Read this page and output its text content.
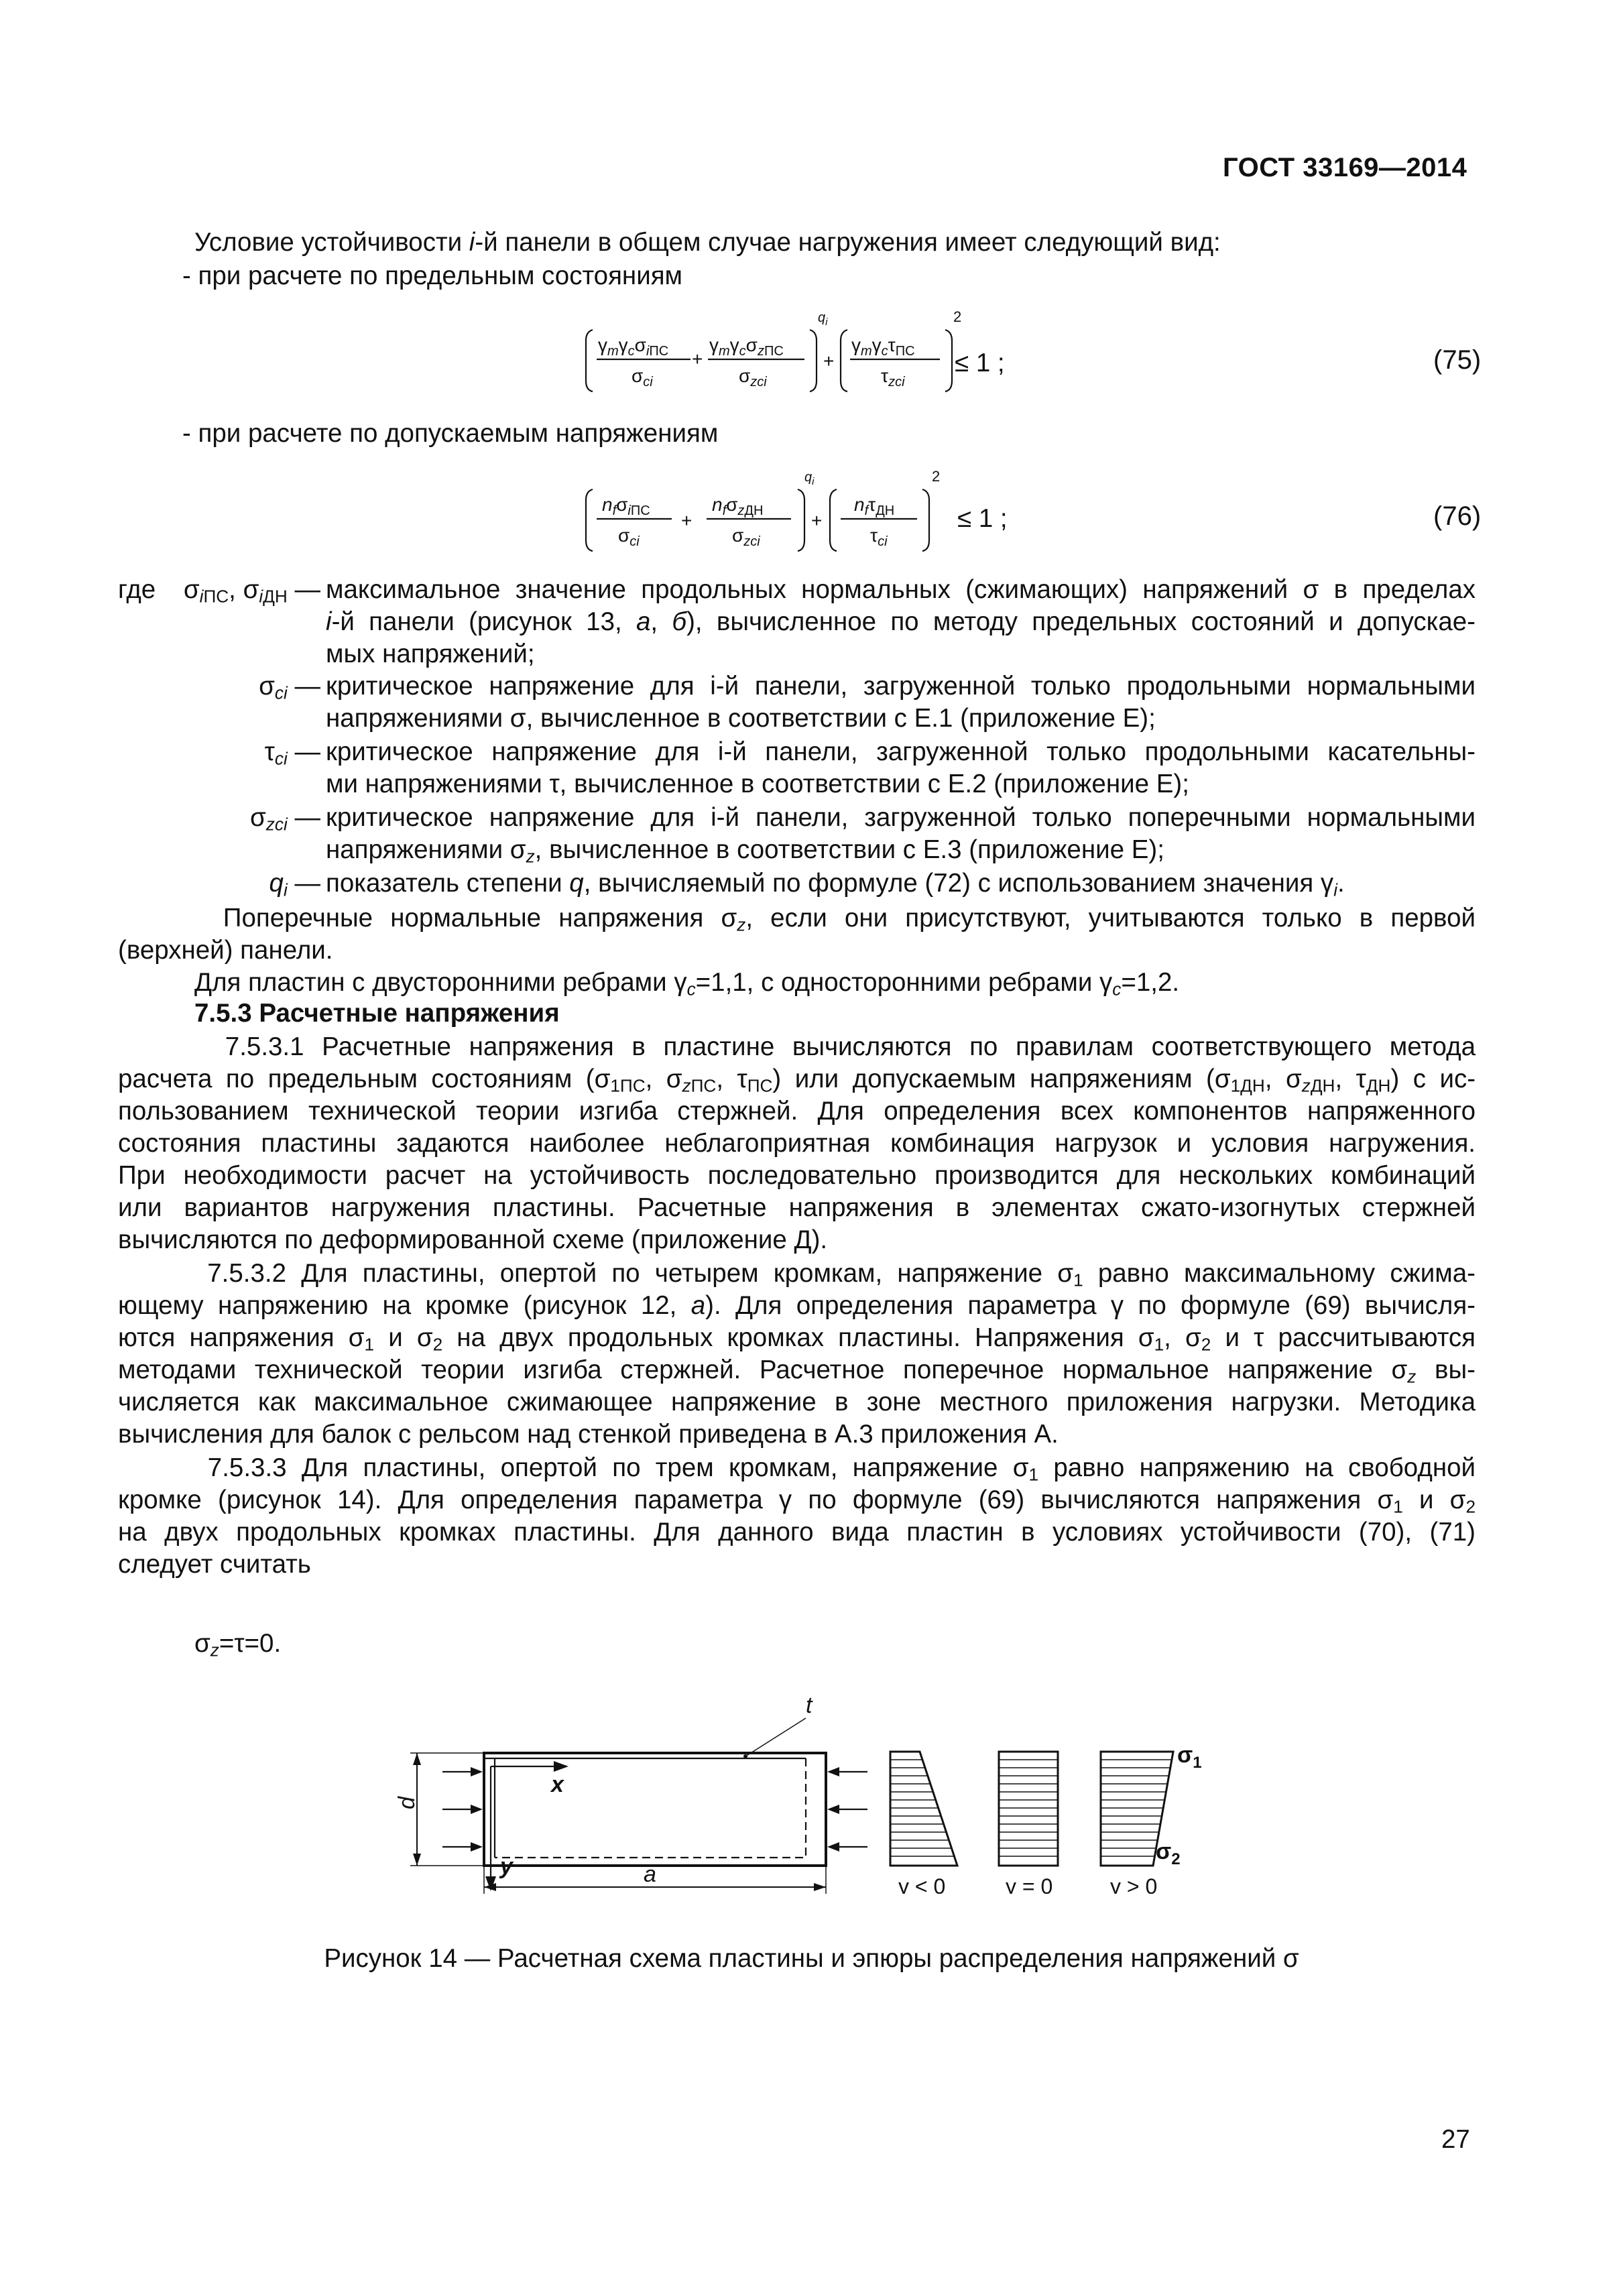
ГОСТ 33169—2014
Условие устойчивости i-й панели в общем случае нагружения имеет следующий вид:
- при расчете по предельным состояниям
$\gamma_m\gamma_c\sigma_{iПС}$
$\sigma_{ci}$
+
$\gamma_m\gamma_c\sigma_{zПС}$
$\sigma_{zci}$
$q_i$
+
$\gamma_m\gamma_c\tau_{ПС}$
$\tau_{zci}$
2
≤ 1 ;	(75)
- при расчете по допускаемым напряжениям
$n_f\sigma_{iПС}$
$\sigma_{ci}$
+
$n_f\sigma_{zДН}$
$\sigma_{zci}$
$q_i$
+
$n_f\tau_{ДН}$
$\tau_{ci}$
2
≤ 1 ;	(76)
где	$\sigma_{iПС}$, $\sigma_{iДН}$ — максимальное значение продольных нормальных (сжимающих) напряжений σ в пределах
i-й панели (рисунок 13, а, б), вычисленное по методу предельных состояний и допускае-
мых напряжений;
$\sigma_{ci}$ — критическое напряжение для i-й панели, загруженной только продольными нормальными
напряжениями σ, вычисленное в соответствии с Е.1 (приложение Е);
$\tau_{ci}$ — критическое напряжение для i-й панели, загруженной только продольными касательны-
ми напряжениями τ, вычисленное в соответствии с Е.2 (приложение Е);
$\sigma_{zci}$ — критическое напряжение для i-й панели, загруженной только поперечными нормальными
напряжениями $\sigma_z$, вычисленное в соответствии с Е.3 (приложение Е);
$q_i$ — показатель степени q, вычисляемый по формуле (72) с использованием значения $\gamma_i$.
Поперечные нормальные напряжения $\sigma_z$, если они присутствуют, учитываются только в первой
(верхней) панели.
Для пластин с двусторонними ребрами $\gamma_c=1,1$, с односторонними ребрами $\gamma_c=1,2$.
7.5.3 Расчетные напряжения
7.5.3.1 Расчетные напряжения в пластине вычисляются по правилам соответствующего метода
расчета по предельным состояниям ($\sigma_{1ПС}$, $\sigma_{zПС}$, $\tau_{ПС}$) или допускаемым напряжениям ($\sigma_{1ДН}$, $\sigma_{zДН}$, $\tau_{ДН}$) с ис-
пользованием технической теории изгиба стержней. Для определения всех компонентов напряженного
состояния пластины задаются наиболее неблагоприятная комбинация нагрузок и условия нагружения.
При необходимости расчет на устойчивость последовательно производится для нескольких комбинаций
или вариантов нагружения пластины. Расчетные напряжения в элементах сжато-изогнутых стержней
вычисляются по деформированной схеме (приложение Д).
7.5.3.2 Для пластины, опертой по четырем кромкам, напряжение $\sigma_1$ равно максимальному сжима-
ющему напряжению на кромке (рисунок 12, а). Для определения параметра γ по формуле (69) вычисля-
ются напряжения $\sigma_1$ и $\sigma_2$ на двух продольных кромках пластины. Напряжения $\sigma_1$, $\sigma_2$ и τ рассчитываются
методами технической теории изгиба стержней. Расчетное поперечное нормальное напряжение $\sigma_z$ вы-
числяется как максимальное сжимающее напряжение в зоне местного приложения нагрузки. Методика
вычисления для балок с рельсом над стенкой приведена в А.3 приложения А.
7.5.3.3 Для пластины, опертой по трем кромкам, напряжение $\sigma_1$ равно напряжению на свободной
кромке (рисунок 14). Для определения параметра γ по формуле (69) вычисляются напряжения $\sigma_1$ и $\sigma_2$
на двух продольных кромках пластины. Для данного вида пластин в условиях устойчивости (70), (71)
следует считать
$\sigma_z=\tau=0$.
t
x
y	a
d
$\sigma_1$
$\sigma_2$
γ < 0	γ = 0	γ > 0
Рисунок 14 — Расчетная схема пластины и эпюры распределения напряжений σ
27
